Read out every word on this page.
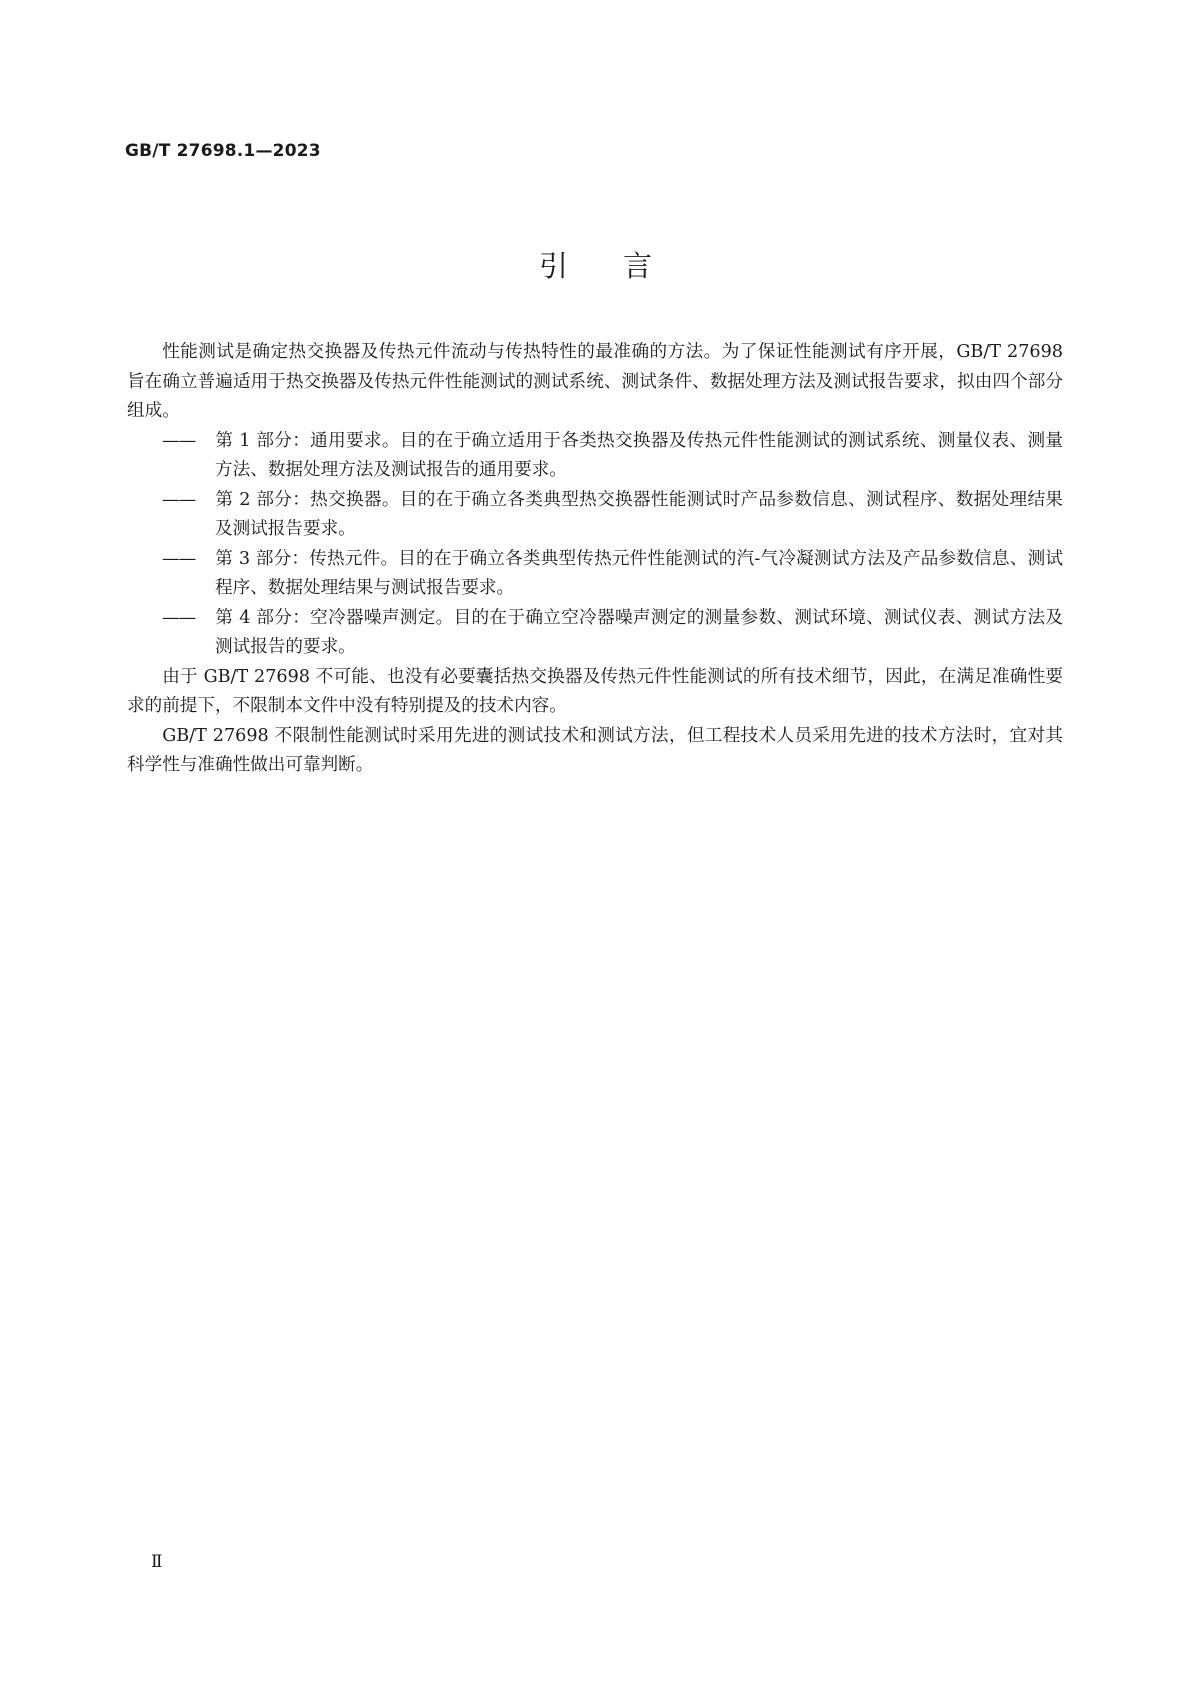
GB/T 27698.1—2023
引言

性能测试是确定热交换器及传热元件流动与传热特性的最准确的方法。为了保证性能测试有序开展，GB/T 27698 旨在确立普遍适用于热交换器及传热元件性能测试的测试系统、测试条件、数据处理方法及测试报告要求，拟由四个部分组成。

—— 第 1 部分：通用要求。目的在于确立适用于各类热交换器及传热元件性能测试的测试系统、测量仪表、测量方法、数据处理方法及测试报告的通用要求。

—— 第 2 部分：热交换器。目的在于确立各类典型热交换器性能测试时产品参数信息、测试程序、数据处理结果及测试报告要求。

—— 第 3 部分：传热元件。目的在于确立各类典型传热元件性能测试的汽-气冷凝测试方法及产品参数信息、测试程序、数据处理结果与测试报告要求。

—— 第 4 部分：空冷器噪声测定。目的在于确立空冷器噪声测定的测量参数、测试环境、测试仪表、测试方法及测试报告的要求。

由于 GB/T 27698 不可能、也没有必要囊括热交换器及传热元件性能测试的所有技术细节，因此，在满足准确性要求的前提下，不限制本文件中没有特别提及的技术内容。

GB/T 27698 不限制性能测试时采用先进的测试技术和测试方法，但工程技术人员采用先进的技术方法时，宜对其科学性与准确性做出可靠判断。

Ⅱ
